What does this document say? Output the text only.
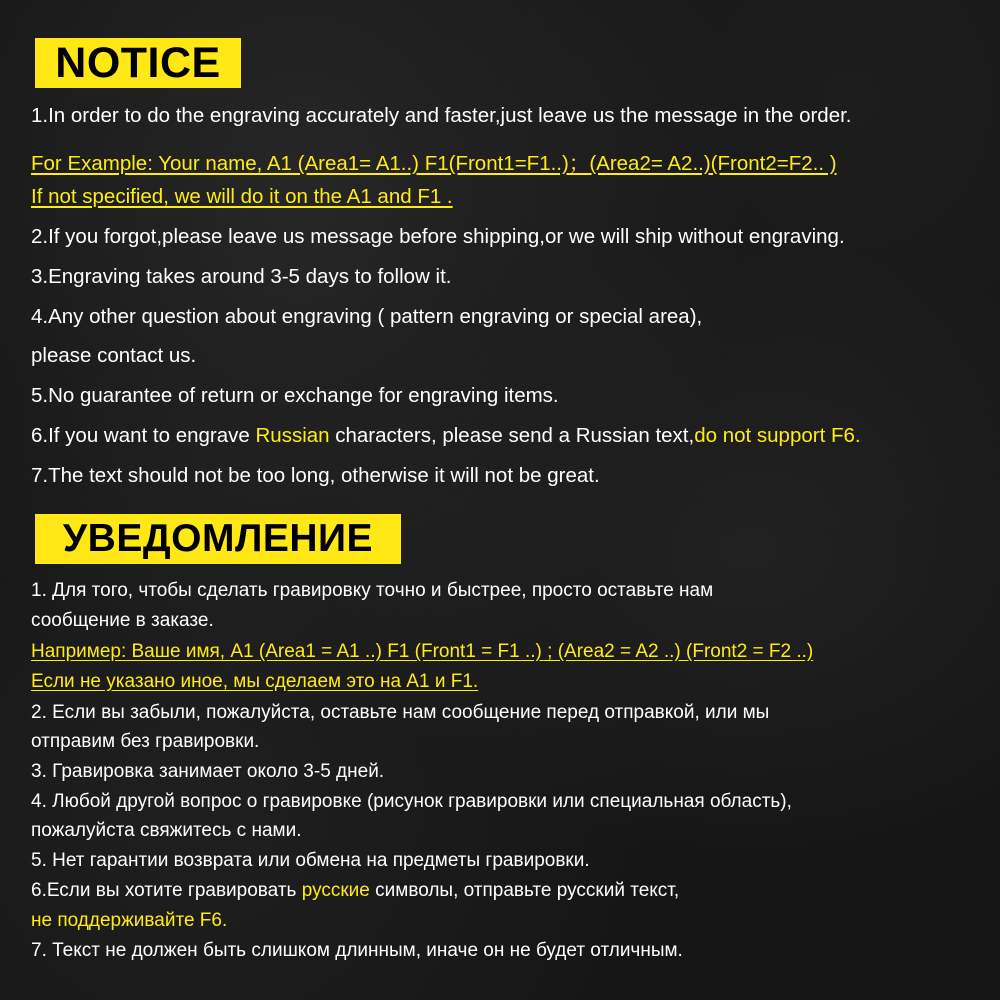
NOTICE
1.In order to do the engraving accurately and faster,just leave us the message in the order.
For Example: Your name, A1 (Area1= A1..) F1(Front1=F1..)；(Area2= A2..)(Front2=F2.. )
If not specified, we will do it on the A1 and F1 .
2.If you forgot,please leave us message before shipping,or we will ship without engraving.
3.Engraving takes around 3-5 days to follow it.
4.Any other question about engraving ( pattern engraving or special area),
please contact us.
5.No guarantee of return or exchange for engraving items.
6.If you want to engrave Russian characters, please send a Russian text,do not support F6.
7.The text should not be too long, otherwise it will not be great.
УВЕДОМЛЕНИЕ
1. Для того, чтобы сделать гравировку точно и быстрее, просто оставьте нам
сообщение в заказе.
Например: Ваше имя, A1 (Area1 = A1 ..) F1 (Front1 = F1 ..) ; (Area2 = A2 ..) (Front2 = F2 ..)
Если не указано иное, мы сделаем это на A1 и F1.
2. Если вы забыли, пожалуйста, оставьте нам сообщение перед отправкой, или мы
отправим без гравировки.
3. Гравировка занимает около 3-5 дней.
4. Любой другой вопрос о гравировке (рисунок гравировки или специальная область),
пожалуйста свяжитесь с нами.
5. Нет гарантии возврата или обмена на предметы гравировки.
6.Если вы хотите гравировать русские символы, отправьте русский текст,
не поддерживайте F6.
7. Текст не должен быть слишком длинным, иначе он не будет отличным.
